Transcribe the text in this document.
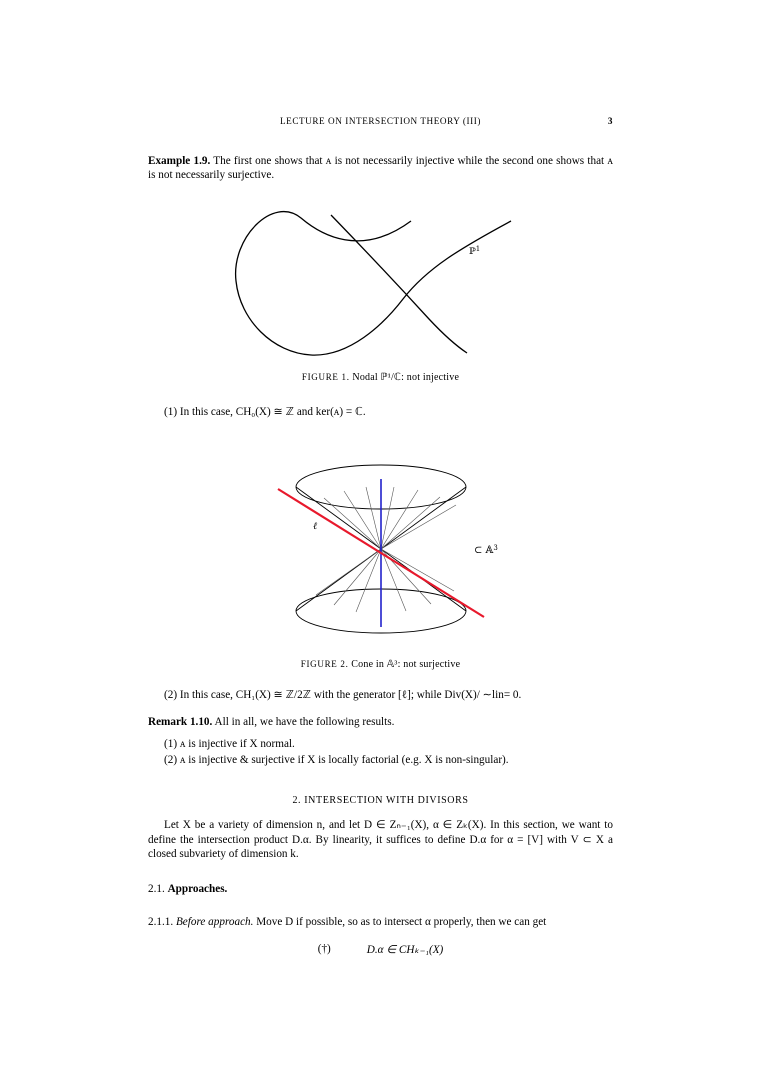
LECTURE ON INTERSECTION THEORY (III)	3

Example 1.9. The first one shows that ᴀ is not necessarily injective while the second one shows that ᴀ is not necessarily surjective.

ℙ$^1$
FIGURE 1. Nodal ℙ¹/ℂ: not injective

(1) In this case, CH₀(X) ≅ ℤ and ker(ᴀ) = ℂ.

ℓ
⊂ 𝔸$^3$
FIGURE 2. Cone in 𝔸³: not surjective

(2) In this case, CH₁(X) ≅ ℤ/2ℤ with the generator [ℓ]; while Div(X)/ ∼lin= 0.

Remark 1.10. All in all, we have the following results.

(1) ᴀ is injective if X normal.

(2) ᴀ is injective & surjective if X is locally factorial (e.g. X is non-singular).

2. INTERSECTION WITH DIVISORS

Let X be a variety of dimension n, and let D ∈ Zₙ₋₁(X), α ∈ Zₖ(X). In this section, we want to define the intersection product D.α. By linearity, it suffices to define D.α for α = [V] with V ⊂ X a closed subvariety of dimension k.

2.1. Approaches.

2.1.1. Before approach. Move D if possible, so as to intersect α properly, then we can get

(†)	D.α ∈ CHₖ₋₁(X)
